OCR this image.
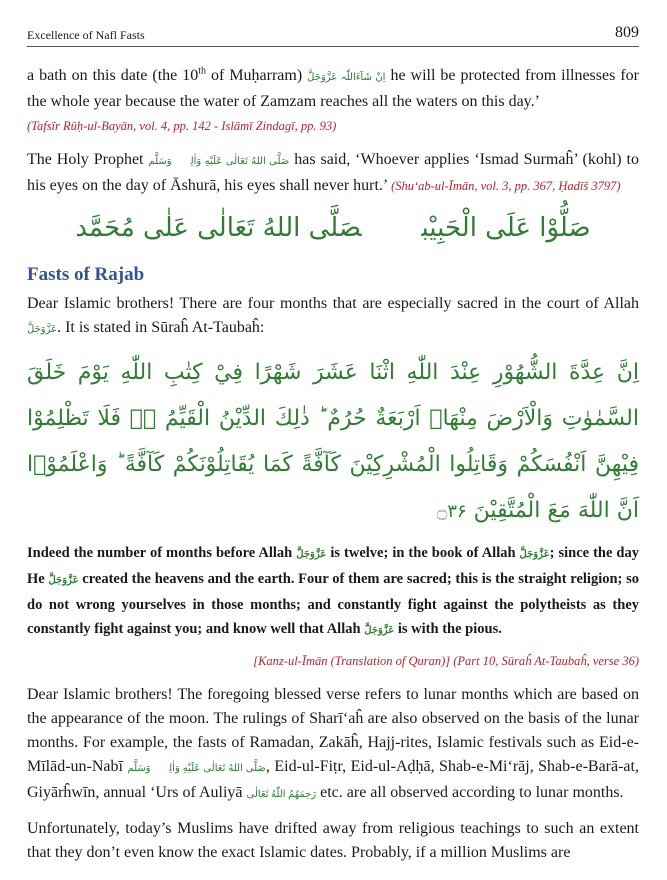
Excellence of Nafl Fasts	809

a bath on this date (the 10th of Muḥarram) اِنْ شَآءَاللّٰہ عَزَّوَجَلَّ he will be protected from illnesses for the whole year because the water of Zamzam reaches all the waters on this day.’
(Tafsīr Rūḥ-ul-Bayān, vol. 4, pp. 142 - Islāmī Zindagī, pp. 93)

The Holy Prophet صَلَّى اللهُ تَعَالٰى عَلَيْهِ وَاٰلِهٖ وَسَلَّم has said, ‘Whoever applies ‘Ismad Surmaĥ’ (kohl) to his eyes on the day of Āshurā, his eyes shall never hurt.’ (Shu‘ab-ul-Īmān, vol. 3, pp. 367, Ḥadīš 3797)

صَلُّوْا عَلَى الْحَبِيْبصَلَّى اللهُ تَعَالٰى عَلٰى مُحَمَّد

Fasts of Rajab

Dear Islamic brothers! There are four months that are especially sacred in the court of Allah عَزَّوَجَلَّ. It is stated in Sūraĥ At-Taubaĥ:

اِنَّ عِدَّةَ الشُّهُوْرِ عِنْدَ اللّٰهِ اثْنَا عَشَرَ شَهْرًا فِيْ كِتٰبِ اللّٰهِ يَوْمَ خَلَقَ السَّمٰوٰتِ وَالْاَرْضَ مِنْهَاۤ اَرْبَعَةٌ حُرُمٌ ؕ ذٰلِكَ الدِّيْنُ الْقَيِّمُ ۙ۬ فَلَا تَظْلِمُوْا فِيْهِنَّ اَنْفُسَكُمْ وَقَاتِلُوا الْمُشْرِكِيْنَ كَآفَّةً كَمَا يُقَاتِلُوْنَكُمْ كَآفَّةً ؕ وَاعْلَمُوْۤا اَنَّ اللّٰهَ مَعَ الْمُتَّقِيْنَ ۝۳۶

Indeed the number of months before Allah عَزَّوَجَلَّ is twelve; in the book of Allah عَزَّوَجَلَّ; since the day He عَزَّوَجَلَّ created the heavens and the earth. Four of them are sacred; this is the straight religion; so do not wrong yourselves in those months; and constantly fight against the polytheists as they constantly fight against you; and know well that Allah عَزَّوَجَلَّ is with the pious.

[Kanz-ul-Īmān (Translation of Quran)] (Part 10, Sūraĥ At-Taubaĥ, verse 36)

Dear Islamic brothers! The foregoing blessed verse refers to lunar months which are based on the appearance of the moon. The rulings of Sharī‘aĥ are also observed on the basis of the lunar months. For example, the fasts of Ramadan, Zakāĥ, Hajj-rites, Islamic festivals such as Eid-e-Mīlād-un-Nabī صَلَّى اللهُ تَعَالٰى عَلَيْهِ وَاٰلِهٖ وَسَلَّم, Eid-ul-Fiṭr, Eid-ul-Aḍḥā, Shab-e-Mi‘rāj, Shab-e-Barā-at, Giyārĥwīn, annual ‘Urs of Auliyā رَحِمَهُمُ اللّٰهُ تَعَالٰى etc. are all observed according to lunar months.

Unfortunately, today’s Muslims have drifted away from religious teachings to such an extent that they don’t even know the exact Islamic dates. Probably, if a million Muslims are
